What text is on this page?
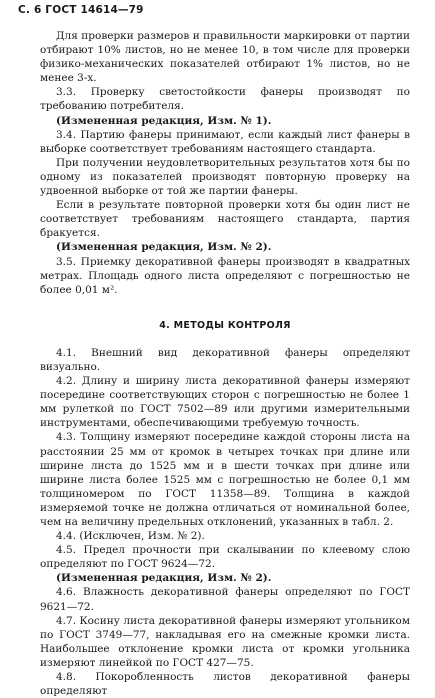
С. 6 ГОСТ 14614—79

Для проверки размеров и правильности маркировки от партии отбирают 10% листов, но не менее 10, в том числе для проверки физико-механических показателей отбирают 1% листов, но не менее 3-х.

3.3. Проверку светостойкости фанеры производят по требованию потребителя.

(Измененная редакция, Изм. № 1).

3.4. Партию фанеры принимают, если каждый лист фанеры в выборке соответствует требованиям настоящего стандарта.

При получении неудовлетворительных результатов хотя бы по одному из показателей производят повторную проверку на удвоенной выборке от той же партии фанеры.

Если в результате повторной проверки хотя бы один лист не соответствует требованиям настоящего стандарта, партия бракуется.

(Измененная редакция, Изм. № 2).

3.5. Приемку декоративной фанеры производят в квадратных метрах. Площадь одного листа определяют с погрешностью не более 0,01 м².

4. МЕТОДЫ КОНТРОЛЯ

4.1. Внешний вид декоративной фанеры определяют визуально.

4.2. Длину и ширину листа декоративной фанеры измеряют посередине соответствующих сторон с погрешностью не более 1 мм рулеткой по ГОСТ 7502—89 или другими измерительными инструментами, обеспечивающими требуемую точность.

4.3. Толщину измеряют посередине каждой стороны листа на расстоянии 25 мм от кромок в четырех точках при длине или ширине листа до 1525 мм и в шести точках при длине или ширине листа более 1525 мм с погрешностью не более 0,1 мм толщиномером по ГОСТ 11358—89. Толщина в каждой измеряемой точке не должна отличаться от номинальной более, чем на величину предельных отклонений, указанных в табл. 2.

4.4. (Исключен, Изм. № 2).

4.5. Предел прочности при скалывании по клеевому слою определяют по ГОСТ 9624—72.

(Измененная редакция, Изм. № 2).

4.6. Влажность декоративной фанеры определяют по ГОСТ 9621—72.

4.7. Косину листа декоративной фанеры измеряют угольником по ГОСТ 3749—77, накладывая его на смежные кромки листа. Наибольшее отклонение кромки листа от кромки угольника измеряют линейкой по ГОСТ 427—75.

4.8. Покоробленность листов декоративной фанеры определяют
